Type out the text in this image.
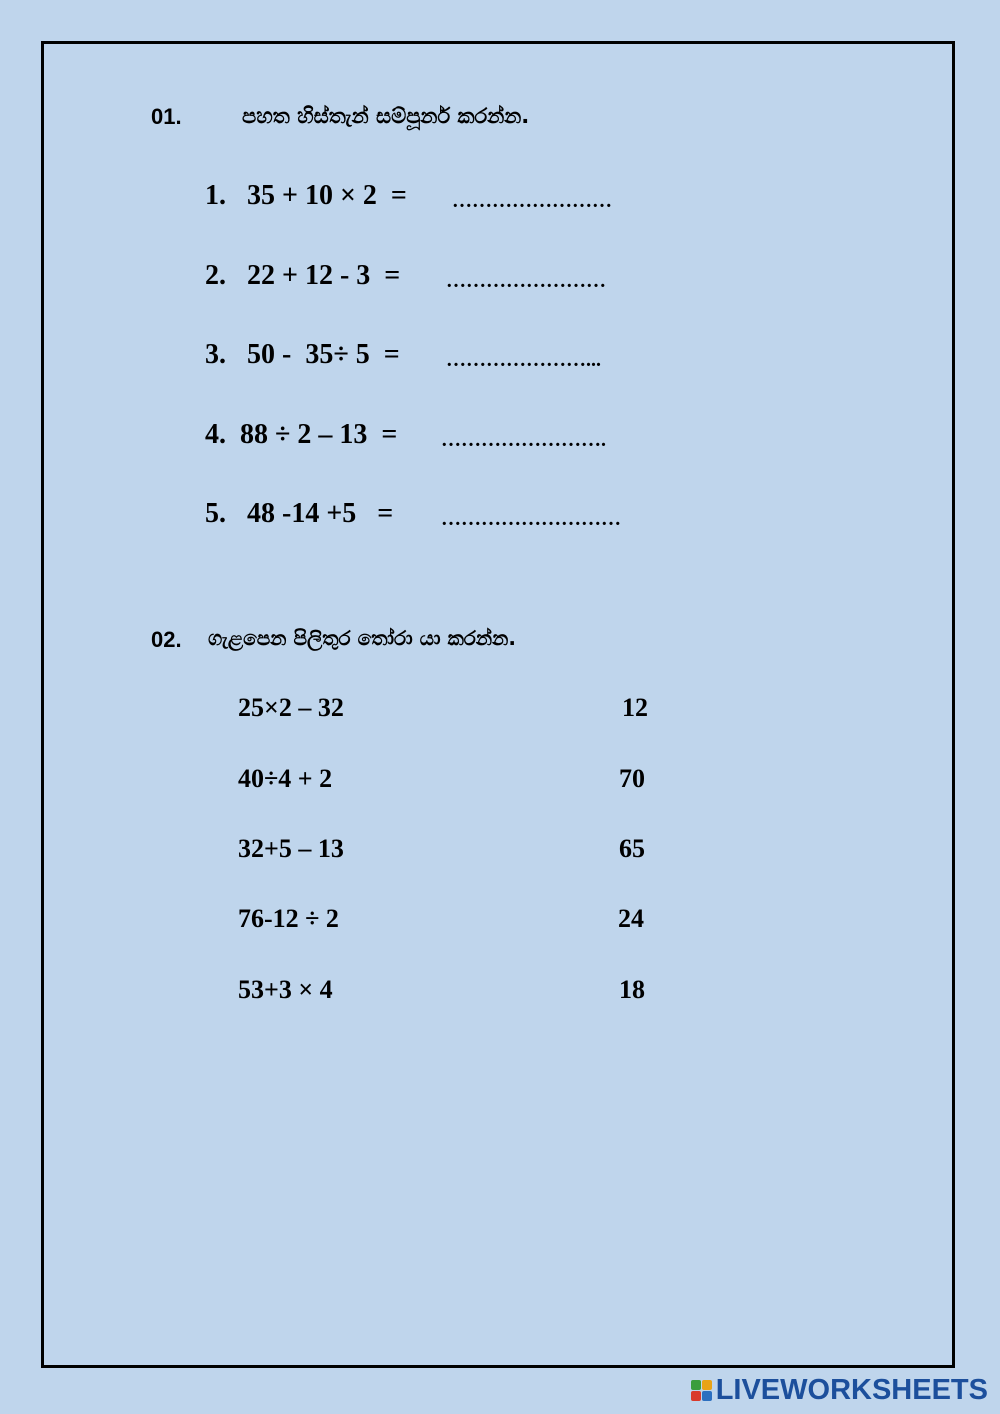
01.	පහත හිස්තැන් සම්පූර්න කරන්න.
1.   35 + 10 × 2  = ……………………
2.   22 + 12 - 3  = ……………………
3.   50 -  35÷ 5  = …………………...
4.  88 ÷ 2 – 13  = …………………….
5.   48 -14 +5   = ………………………
02. ගැළපෙන පිලිතුර තෝරා යා කරන්න.
25×2 – 32
40÷4 + 2
32+5 – 13
76-12 ÷ 2
53+3 × 4
12
70
65
24
18
LIVEWORKSHEETS
